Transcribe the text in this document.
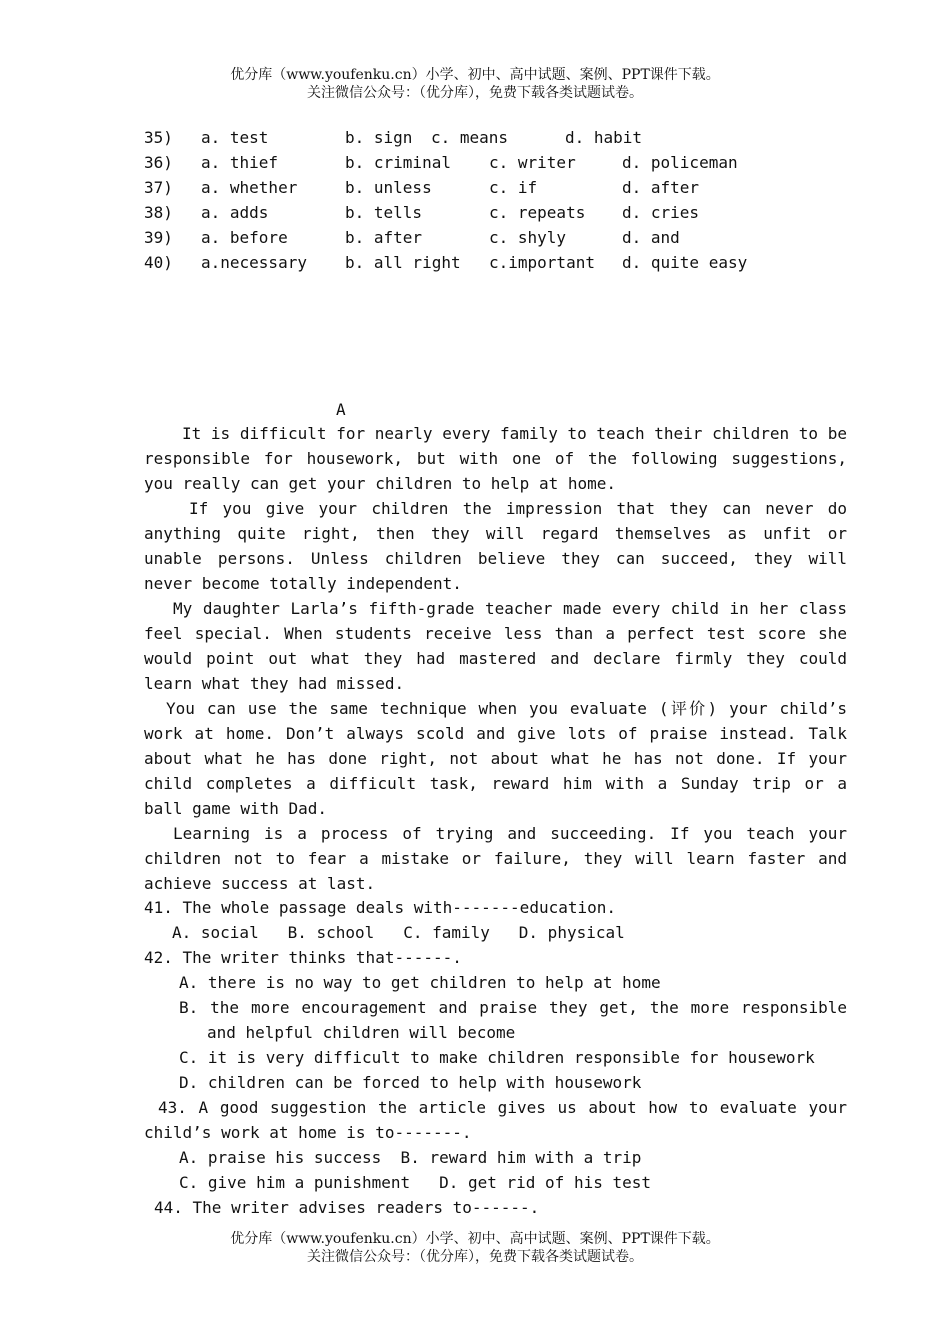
优分库（www.youfenku.cn）小学、初中、高中试题、案例、PPT课件下载。
关注微信公众号：（优分库），免费下载各类试题试卷。
35) a. test	b. sign c. means	d. habit
36) a. thief	b. criminal c. writer	d. policeman
37) a. whether	b. unless	c. if	d. after
38) a. adds	b. tells	c. repeats d. cries
39) a. before	b. after	c. shyly	d. and
40) a.necessary b. all right c.important d. quite easy
A

It is difficult for nearly every family to teach their children to be responsible for housework, but with one of the following suggestions, you really can get your children to help at home.

If you give your children the impression that they can never do anything quite right, then they will regard themselves as unfit or unable persons. Unless children believe they can succeed, they will never become totally independent.

My daughter Larla’s fifth-grade teacher made every child in her class feel special. When students receive less than a perfect test score she would point out what they had mastered and declare firmly they could learn what they had missed.

You can use the same technique when you evaluate (评价) your child’s work at home. Don’t always scold and give lots of praise instead. Talk about what he has done right, not about what he has not done. If your child completes a difficult task, reward him with a Sunday trip or a ball game with Dad.

Learning is a process of trying and succeeding. If you teach your children not to fear a mistake or failure, they will learn faster and achieve success at last.

41. The whole passage deals with-------education.

A. social   B. school   C. family   D. physical

42. The writer thinks that------.

A. there is no way to get children to help at home

B. the more encouragement and praise they get, the more responsible and helpful children will become

C. it is very difficult to make children responsible for housework

D. children can be forced to help with housework

43. A good suggestion the article gives us about how to evaluate your child’s work at home is to-------.

A. praise his success  B. reward him with a trip

C. give him a punishment   D. get rid of his test

44. The writer advises readers to------.

优分库（www.youfenku.cn）小学、初中、高中试题、案例、PPT课件下载。
关注微信公众号：（优分库），免费下载各类试题试卷。
